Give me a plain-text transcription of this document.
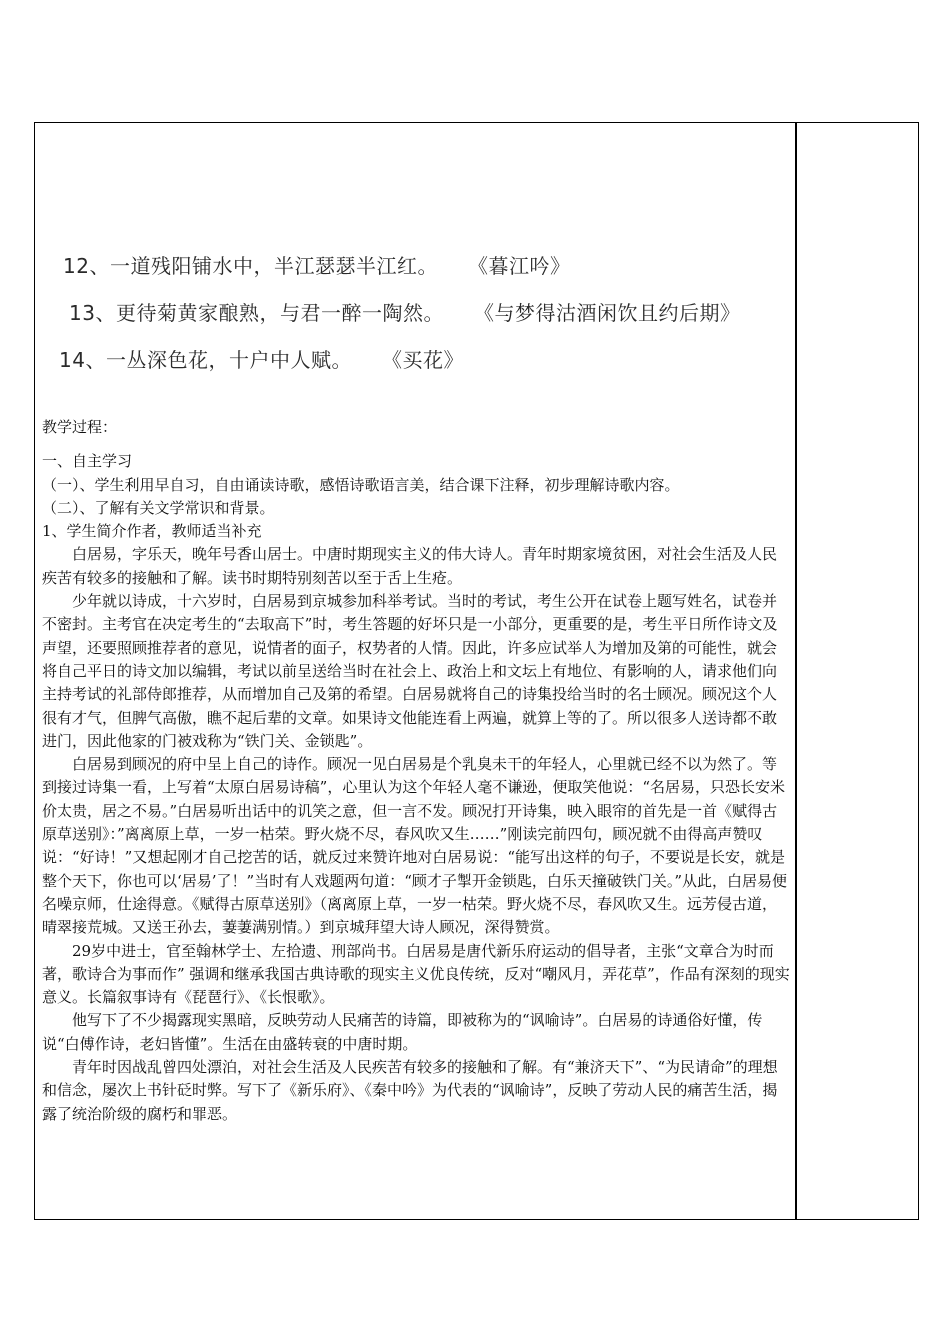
12、一道残阳铺水中，半江瑟瑟半江红。 《暮江吟》
13、更待菊黄家酿熟，与君一醉一陶然。 《与梦得沽酒闲饮且约后期》
14、一丛深色花，十户中人赋。 《买花》

教学过程：

一、自主学习

（一）、学生利用早自习，自由诵读诗歌，感悟诗歌语言美，结合课下注释，初步理解诗歌内容。

（二）、了解有关文学常识和背景。

1、学生简介作者，教师适当补充

白居易，字乐天，晚年号香山居士。中唐时期现实主义的伟大诗人。青年时期家境贫困，对社会生活及人民疾苦有较多的接触和了解。读书时期特别刻苦以至于舌上生疮。

少年就以诗成，十六岁时，白居易到京城参加科举考试。当时的考试，考生公开在试卷上题写姓名，试卷并不密封。主考官在决定考生的“去取高下”时，考生答题的好坏只是一小部分，更重要的是，考生平日所作诗文及声望，还要照顾推荐者的意见，说情者的面子，权势者的人情。因此，许多应试举人为增加及第的可能性，就会将自己平日的诗文加以编辑，考试以前呈送给当时在社会上、政治上和文坛上有地位、有影响的人，请求他们向主持考试的礼部侍郎推荐，从而增加自己及第的希望。白居易就将自己的诗集投给当时的名士顾况。顾况这个人很有才气，但脾气高傲，瞧不起后辈的文章。如果诗文他能连看上两遍，就算上等的了。所以很多人送诗都不敢进门，因此他家的门被戏称为“铁门关、金锁匙”。

白居易到顾况的府中呈上自己的诗作。顾况一见白居易是个乳臭未干的年轻人，心里就已经不以为然了。等到接过诗集一看，上写着“太原白居易诗稿”，心里认为这个年轻人毫不谦逊，便取笑他说：“名居易，只恐长安米价太贵，居之不易。”白居易听出话中的讥笑之意，但一言不发。顾况打开诗集，映入眼帘的首先是一首《赋得古原草送别》：”离离原上草，一岁一枯荣。野火烧不尽，春风吹又生……”刚读完前四句，顾况就不由得高声赞叹说：“好诗！”又想起刚才自己挖苦的话，就反过来赞许地对白居易说：“能写出这样的句子，不要说是长安，就是整个天下，你也可以‘居易’了！”当时有人戏题两句道：“顾才子掣开金锁匙，白乐天撞破铁门关。”从此，白居易便名噪京师，仕途得意。《赋得古原草送别》（离离原上草，一岁一枯荣。野火烧不尽，春风吹又生。远芳侵古道，晴翠接荒城。又送王孙去，萋萋满别情。）到京城拜望大诗人顾况，深得赞赏。

29岁中进士，官至翰林学士、左拾遗、刑部尚书。白居易是唐代新乐府运动的倡导者，主张“文章合为时而著，歌诗合为事而作” 强调和继承我国古典诗歌的现实主义优良传统，反对“嘲风月，弄花草”，作品有深刻的现实意义。长篇叙事诗有《琵琶行》、《长恨歌》。

他写下了不少揭露现实黑暗，反映劳动人民痛苦的诗篇，即被称为的“讽喻诗”。白居易的诗通俗好懂，传说“白傅作诗，老妇皆懂”。生活在由盛转衰的中唐时期。

青年时因战乱曾四处漂泊，对社会生活及人民疾苦有较多的接触和了解。有“兼济天下”、“为民请命”的理想和信念，屡次上书针砭时弊。写下了《新乐府》、《秦中吟》为代表的“讽喻诗”，反映了劳动人民的痛苦生活，揭露了统治阶级的腐朽和罪恶。
